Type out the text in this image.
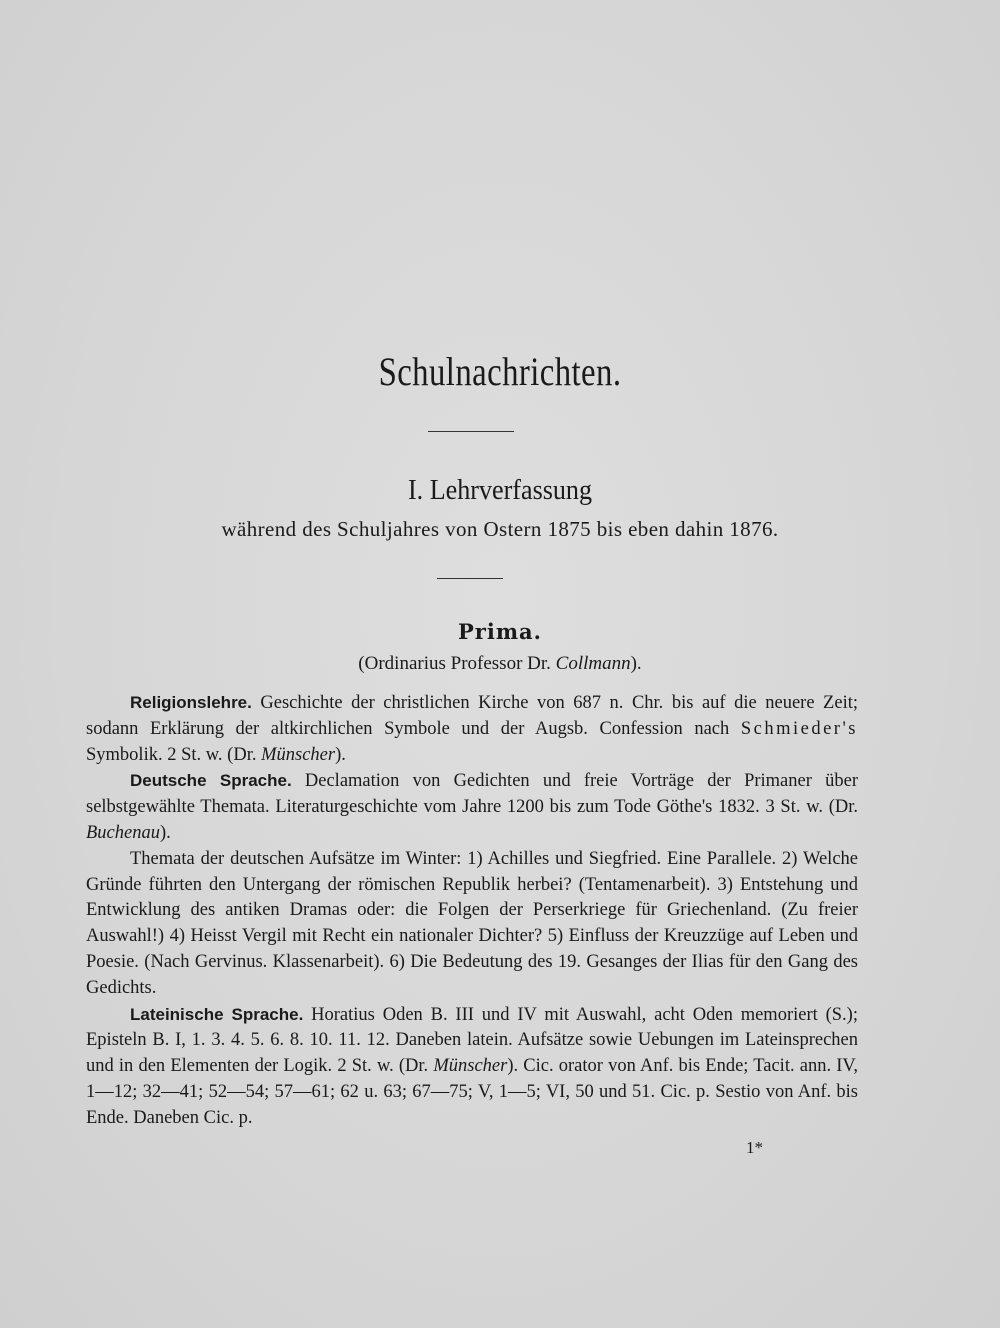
Schulnachrichten.
I. Lehrverfassung
während des Schuljahres von Ostern 1875 bis eben dahin 1876.
Prima.
(Ordinarius Professor Dr. Collmann).

Religionslehre. Geschichte der christlichen Kirche von 687 n. Chr. bis auf die neuere Zeit; sodann Erklärung der altkirchlichen Symbole und der Augsb. Confession nach Schmieder's Symbolik. 2 St. w. (Dr. Münscher).

Deutsche Sprache. Declamation von Gedichten und freie Vorträge der Primaner über selbstgewählte Themata. Literaturgeschichte vom Jahre 1200 bis zum Tode Göthe's 1832. 3 St. w. (Dr. Buchenau).

Themata der deutschen Aufsätze im Winter: 1) Achilles und Siegfried. Eine Parallele. 2) Welche Gründe führten den Untergang der römischen Republik herbei? (Tentamenarbeit). 3) Entstehung und Entwicklung des antiken Dramas oder: die Folgen der Perserkriege für Griechenland. (Zu freier Auswahl!) 4) Heisst Vergil mit Recht ein nationaler Dichter? 5) Einfluss der Kreuzzüge auf Leben und Poesie. (Nach Gervinus. Klassenarbeit). 6) Die Bedeutung des 19. Gesanges der Ilias für den Gang des Gedichts.

Lateinische Sprache. Horatius Oden B. III und IV mit Auswahl, acht Oden memoriert (S.); Episteln B. I, 1. 3. 4. 5. 6. 8. 10. 11. 12. Daneben latein. Aufsätze sowie Uebungen im Lateinsprechen und in den Elementen der Logik. 2 St. w. (Dr. Münscher). Cic. orator von Anf. bis Ende; Tacit. ann. IV, 1—12; 32—41; 52—54; 57—61; 62 u. 63; 67—75; V, 1—5; VI, 50 und 51. Cic. p. Sestio von Anf. bis Ende. Daneben Cic. p.

1*
